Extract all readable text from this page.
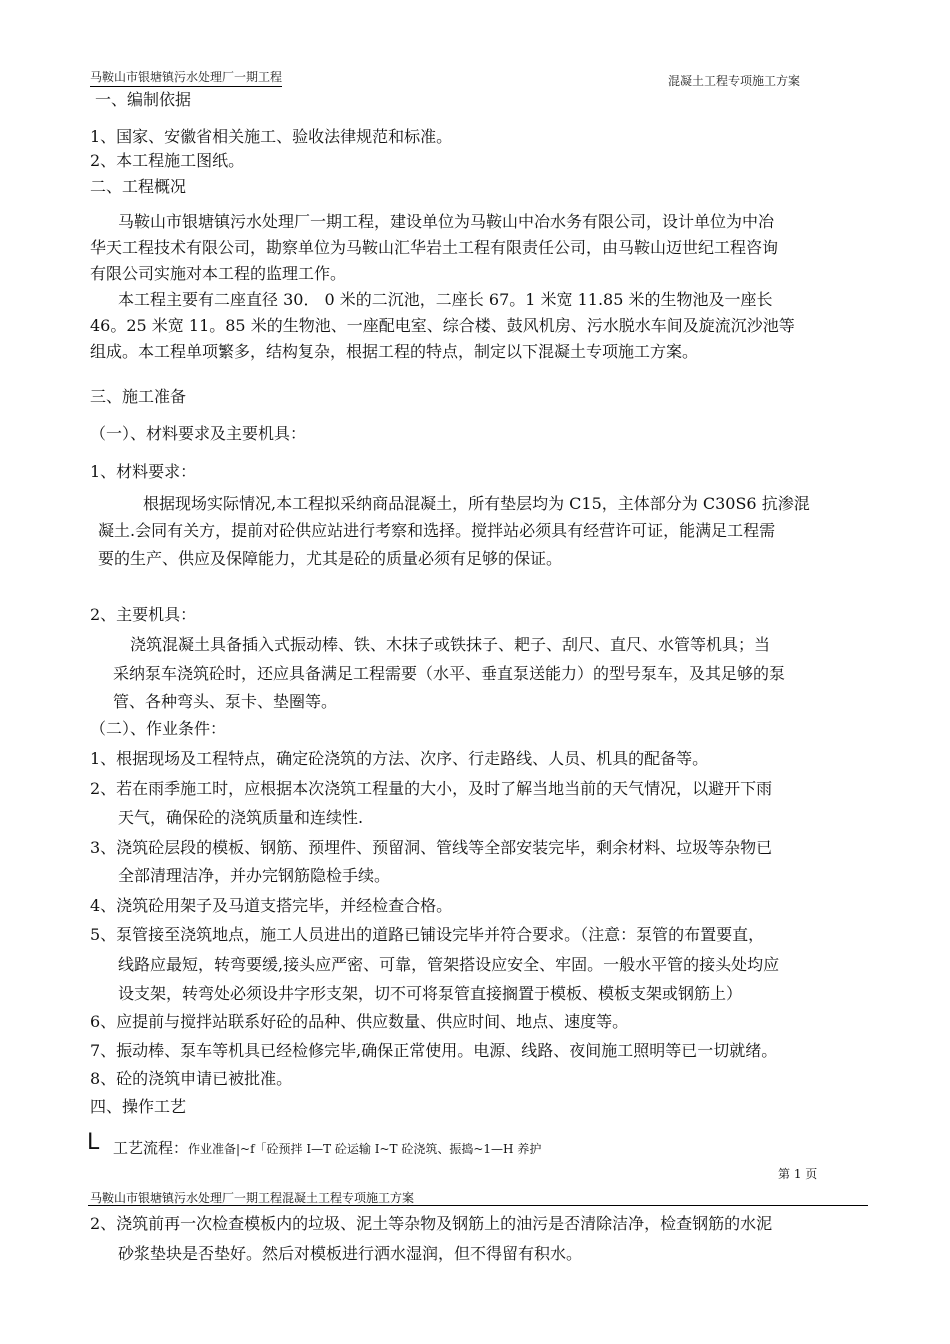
马鞍山市银塘镇污水处理厂一期工程	混凝土工程专项施工方案
一、编制依据
1、国家、安徽省相关施工、验收法律规范和标准。
2、本工程施工图纸。
二、工程概况
马鞍山市银塘镇污水处理厂一期工程，建设单位为马鞍山中冶水务有限公司，设计单位为中冶
华天工程技术有限公司，勘察单位为马鞍山汇华岩土工程有限责任公司，由马鞍山迈世纪工程咨询
有限公司实施对本工程的监理工作。
本工程主要有二座直径 30． 0 米的二沉池，二座长 67。1 米宽 11.85 米的生物池及一座长
46。25 米宽 11。85 米的生物池、一座配电室、综合楼、鼓风机房、污水脱水车间及旋流沉沙池等
组成。本工程单项繁多，结构复杂，根据工程的特点，制定以下混凝土专项施工方案。
三、施工准备
（一）、材料要求及主要机具：
1、材料要求：
根据现场实际情况,本工程拟采纳商品混凝土，所有垫层均为 C15，主体部分为 C30S6 抗渗混
凝土.会同有关方，提前对砼供应站进行考察和选择。搅拌站必须具有经营许可证，能满足工程需
要的生产、供应及保障能力，尤其是砼的质量必须有足够的保证。
2、主要机具：
浇筑混凝土具备插入式振动棒、铁、木抹子或铁抹子、耙子、刮尺、直尺、水管等机具；当
采纳泵车浇筑砼时，还应具备满足工程需要（水平、垂直泵送能力）的型号泵车，及其足够的泵
管、各种弯头、泵卡、垫圈等。
（二）、作业条件：
1、根据现场及工程特点，确定砼浇筑的方法、次序、行走路线、人员、机具的配备等。
2、若在雨季施工时，应根据本次浇筑工程量的大小，及时了解当地当前的天气情况，以避开下雨
天气，确保砼的浇筑质量和连续性.
3、浇筑砼层段的模板、钢筋、预埋件、预留洞、管线等全部安装完毕，剩余材料、垃圾等杂物已
全部清理洁净，并办完钢筋隐检手续。
4、浇筑砼用架子及马道支搭完毕，并经检查合格。
5、泵管接至浇筑地点，施工人员进出的道路已铺设完毕并符合要求。（注意：泵管的布置要直，
线路应最短，转弯要缓,接头应严密、可靠，管架搭设应安全、牢固。一般水平管的接头处均应
设支架，转弯处必须设井字形支架，切不可将泵管直接搁置于模板、模板支架或钢筋上）
6、应提前与搅拌站联系好砼的品种、供应数量、供应时间、地点、速度等。
7、振动棒、泵车等机具已经检修完毕,确保正常使用。电源、线路、夜间施工照明等已一切就绪。
8、砼的浇筑申请已被批准。
四、操作工艺
L 工艺流程：作业准备|~f「砼预拌 I—T 砼运输 I~T 砼浇筑、振捣~1—H 养护
第 1 页
马鞍山市银塘镇污水处理厂一期工程混凝土工程专项施工方案
2、浇筑前再一次检查模板内的垃圾、泥土等杂物及钢筋上的油污是否清除洁净，检查钢筋的水泥
砂浆垫块是否垫好。然后对模板进行洒水湿润，但不得留有积水。
